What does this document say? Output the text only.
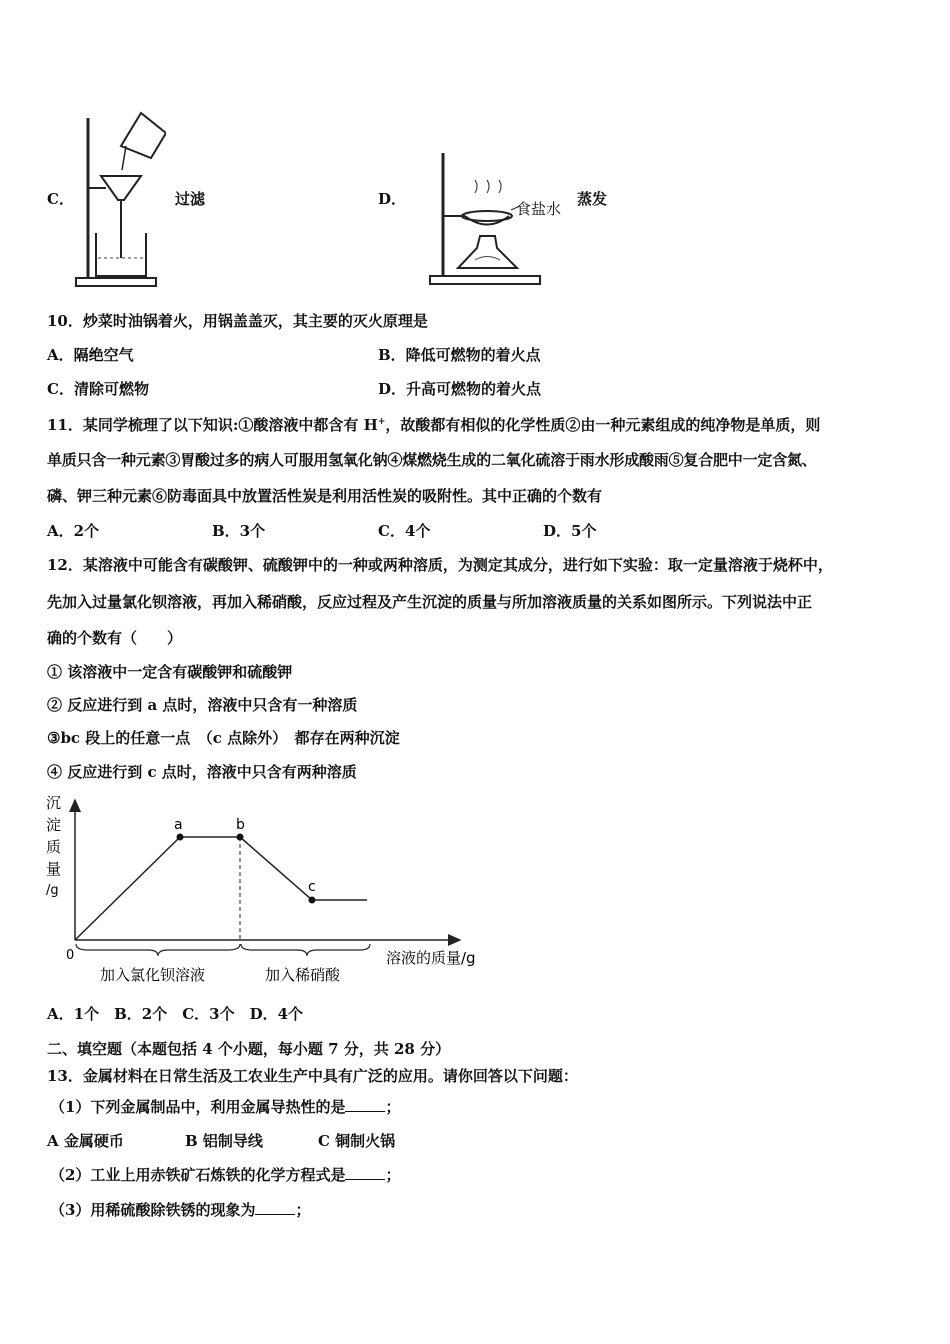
C．	过滤	D．
食盐水
蒸发
10．炒菜时油锅着火，用锅盖盖灭，其主要的灭火原理是
A．隔绝空气	B．降低可燃物的着火点
C．清除可燃物	D．升高可燃物的着火点
11．某同学梳理了以下知识:①酸溶液中都含有 H+，故酸都有相似的化学性质②由一种元素组成的纯净物是单质，则
单质只含一种元素③胃酸过多的病人可服用氢氧化钠④煤燃烧生成的二氧化硫溶于雨水形成酸雨⑤复合肥中一定含氮、
磷、钾三种元素⑥防毒面具中放置活性炭是利用活性炭的吸附性。其中正确的个数有
A．2个	B．3个	C．4个	D．5个
12．某溶液中可能含有碳酸钾、硫酸钾中的一种或两种溶质，为测定其成分，进行如下实验：取一定量溶液于烧杯中，
先加入过量氯化钡溶液，再加入稀硝酸，反应过程及产生沉淀的质量与所加溶液质量的关系如图所示。下列说法中正
确的个数有（　　）
① 该溶液中一定含有碳酸钾和硫酸钾
② 反应进行到 a 点时，溶液中只含有一种溶质
③bc 段上的任意一点　（c 点除外）　都存在两种沉淀
④ 反应进行到 c 点时，溶液中只含有两种溶质
沉
淀
质
量
/g
0	溶液的质量/g
a	b
c
加入氯化钡溶液	加入稀硝酸
A．1个　B．2个　C．3个　D．4个
二、填空题（本题包括 4 个小题，每小题 7 分，共 28 分）
13．金属材料在日常生活及工农业生产中具有广泛的应用。请你回答以下问题：
（1）下列金属制品中，利用金属导热性的是	；
A 金属硬币	B 铝制导线	C 铜制火锅
（2）工业上用赤铁矿石炼铁的化学方程式是	；
（3）用稀硫酸除铁锈的现象为	；
